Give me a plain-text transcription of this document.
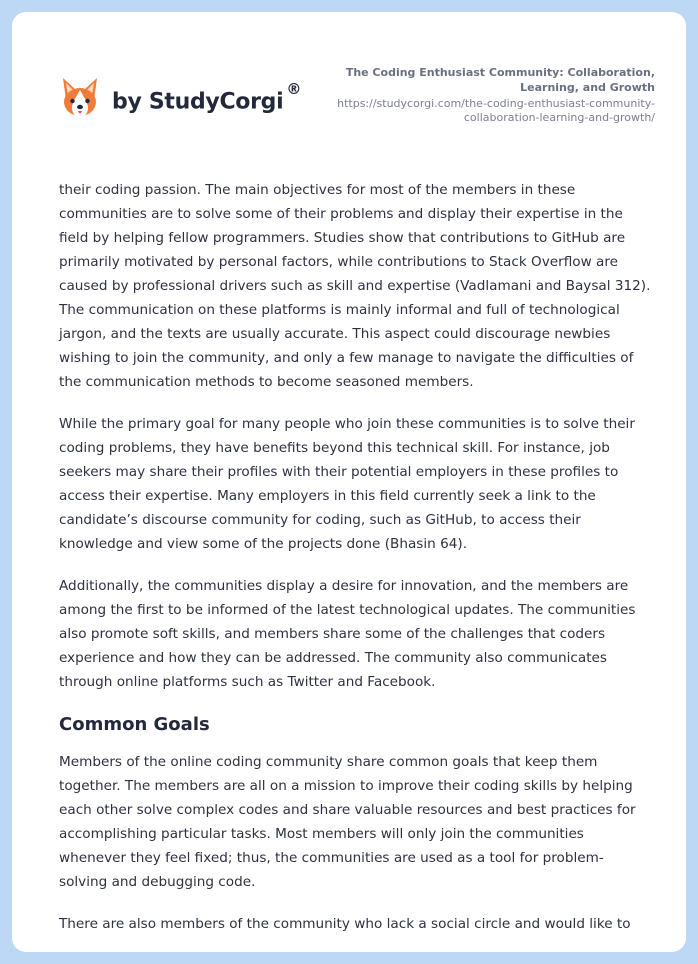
by StudyCorgi®
The Coding Enthusiast Community: Collaboration, Learning, and Growth
https://studycorgi.com/the-coding-enthusiast-community-collaboration-learning-and-growth/

their coding passion. The main objectives for most of the members in these communities are to solve some of their problems and display their expertise in the field by helping fellow programmers. Studies show that contributions to GitHub are primarily motivated by personal factors, while contributions to Stack Overflow are caused by professional drivers such as skill and expertise (Vadlamani and Baysal 312). The communication on these platforms is mainly informal and full of technological jargon, and the texts are usually accurate. This aspect could discourage newbies wishing to join the community, and only a few manage to navigate the difficulties of the communication methods to become seasoned members.

While the primary goal for many people who join these communities is to solve their coding problems, they have benefits beyond this technical skill. For instance, job seekers may share their profiles with their potential employers in these profiles to access their expertise. Many employers in this field currently seek a link to the candidate’s discourse community for coding, such as GitHub, to access their knowledge and view some of the projects done (Bhasin 64).

Additionally, the communities display a desire for innovation, and the members are among the first to be informed of the latest technological updates. The communities also promote soft skills, and members share some of the challenges that coders experience and how they can be addressed. The community also communicates through online platforms such as Twitter and Facebook.

Common Goals

Members of the online coding community share common goals that keep them together. The members are all on a mission to improve their coding skills by helping each other solve complex codes and share valuable resources and best practices for accomplishing particular tasks. Most members will only join the communities whenever they feel fixed; thus, the communities are used as a tool for problem-solving and debugging code.

There are also members of the community who lack a social circle and would like to
